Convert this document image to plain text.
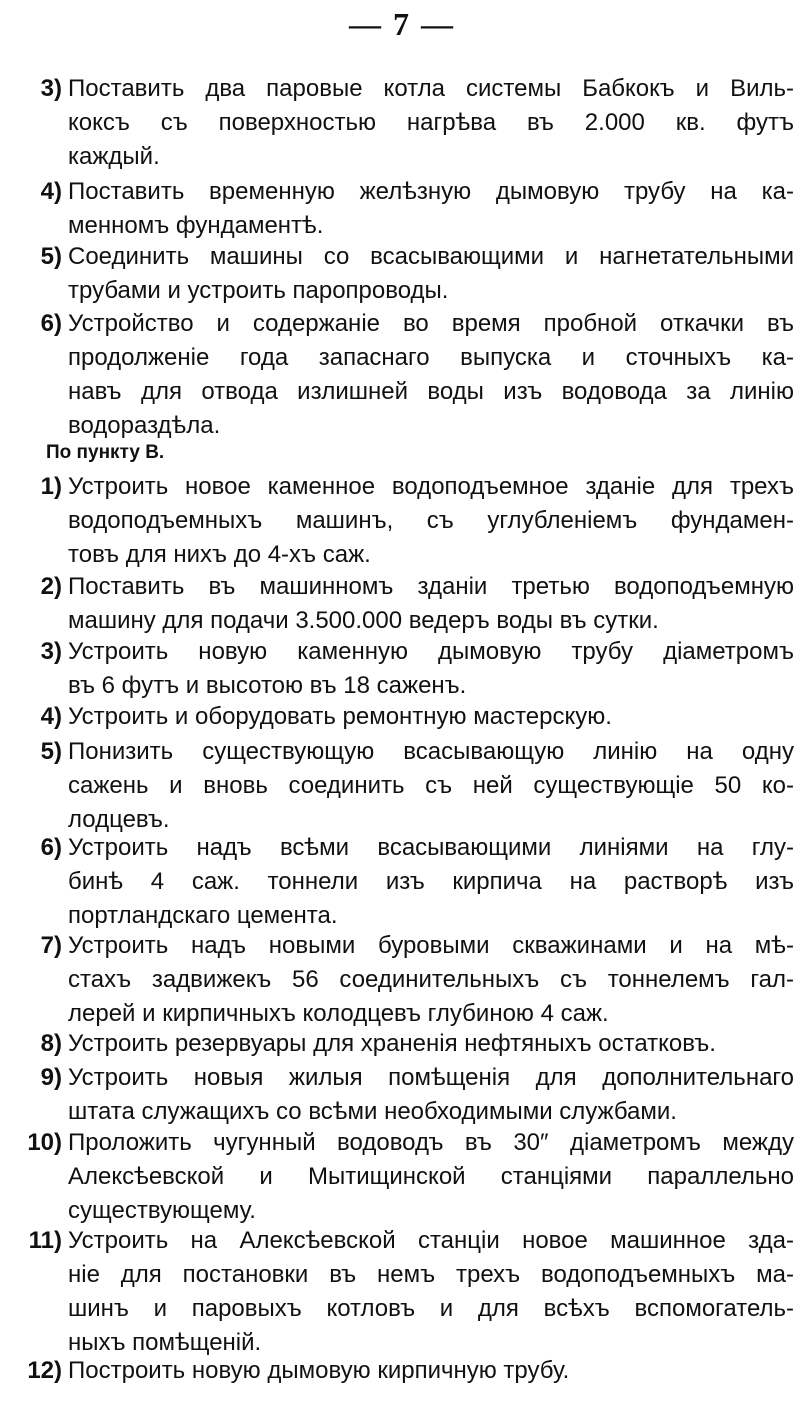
— 7 —
3) Поставить два паровые котла системы Бабкокъ и Виль-
коксъ съ поверхностью нагрѣва въ 2.000 кв. футъ
каждый.
4) Поставить временную желѣзную дымовую трубу на ка-
менномъ фундаментѣ.
5) Соединить машины со всасывающими и нагнетательными
трубами и устроить паропроводы.
6) Устройство и содержаніе во время пробной откачки въ
продолженіе года запаснаго выпуска и сточныхъ ка-
навъ для отвода излишней воды изъ водовода за линію
водораздѣла.
По пункту В.
1) Устроить новое каменное водоподъемное зданіе для трехъ
водоподъемныхъ машинъ, съ углубленіемъ фундамен-
товъ для нихъ до 4-хъ саж.
2) Поставить въ машинномъ зданіи третью водоподъемную
машину для подачи 3.500.000 ведеръ воды въ сутки.
3) Устроить новую каменную дымовую трубу діаметромъ
въ 6 футъ и высотою въ 18 саженъ.
4) Устроить и оборудовать ремонтную мастерскую.
5) Понизить существующую всасывающую линію на одну
сажень и вновь соединить съ ней существующіе 50 ко-
лодцевъ.
6) Устроить надъ всѣми всасывающими линіями на глу-
бинѣ 4 саж. тоннели изъ кирпича на растворѣ изъ
портландскаго цемента.
7) Устроить надъ новыми буровыми скважинами и на мѣ-
стахъ задвижекъ 56 соединительныхъ съ тоннелемъ гал-
лерей и кирпичныхъ колодцевъ глубиною 4 саж.
8) Устроить резервуары для храненія нефтяныхъ остатковъ.
9) Устроить новыя жилыя помѣщенія для дополнительнаго
штата служащихъ со всѣми необходимыми службами.
10) Проложить чугунный водоводъ въ 30″ діаметромъ между
Алексѣевской и Мытищинской станціями параллельно
существующему.
11) Устроить на Алексѣевской станціи новое машинное зда-
ніе для постановки въ немъ трехъ водоподъемныхъ ма-
шинъ и паровыхъ котловъ и для всѣхъ вспомогатель-
ныхъ помѣщеній.
12) Построить новую дымовую кирпичную трубу.
